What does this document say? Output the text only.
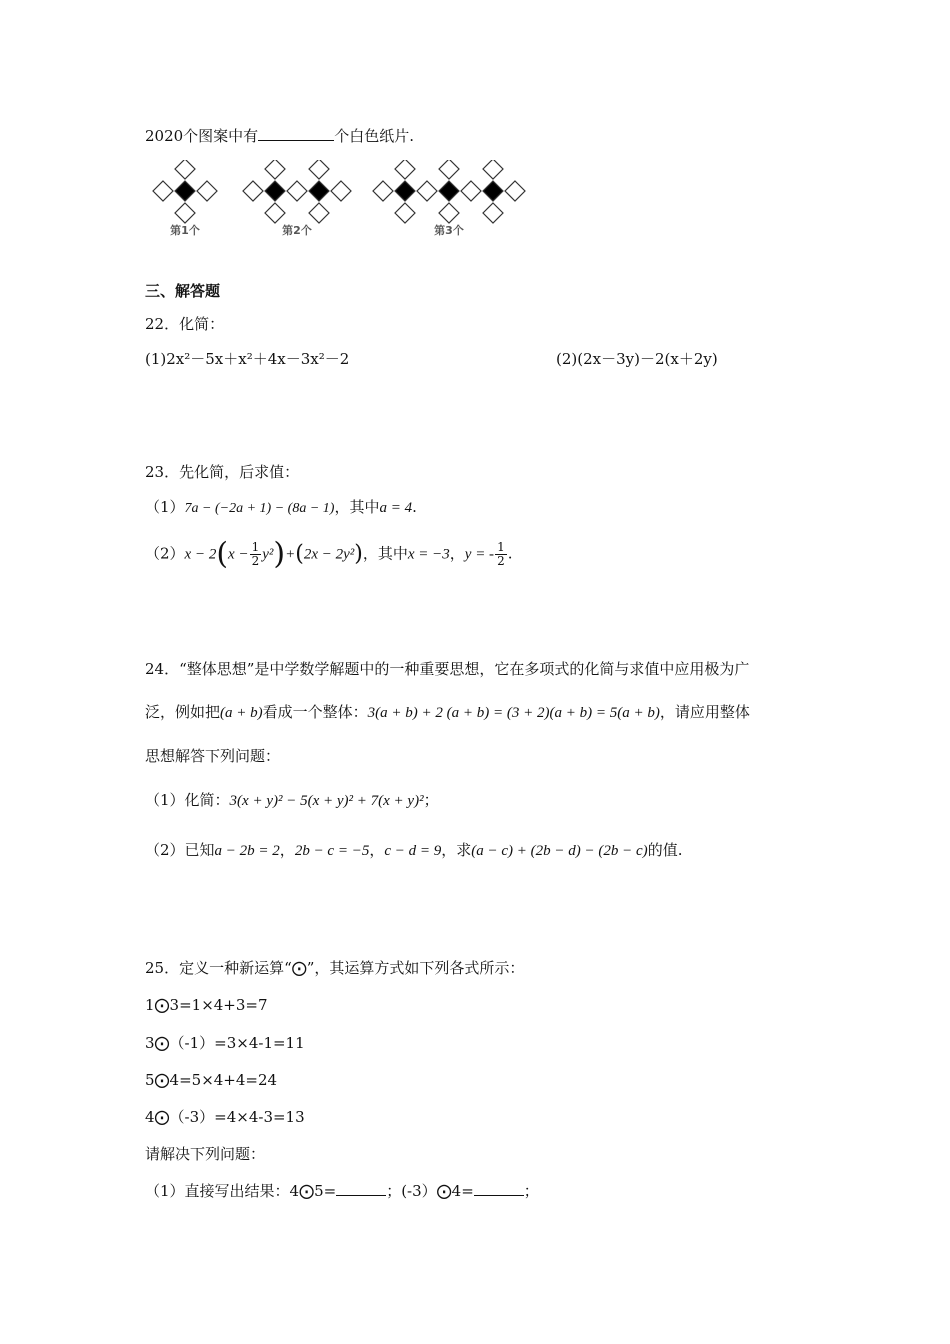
2020个图案中有	个白色纸片.
第1个	第2个	第3个
三、解答题
22．化简：
(1)2x²－5x＋x²＋4x－3x²－2	(2)(2x－3y)－2(x＋2y)
23．先化简，后求值：
（1）7a − (−2a + 1) − (8a − 1)，其中a = 4.
$(2)x - 2(x - \frac{1}{2} y^2)+(2x - 2y^2)$，其中x = −3，y = - $\frac{1}{2}$ .
24．“整体思想”是中学数学解题中的一种重要思想，它在多项式的化简与求值中应用极为广
泛，例如把(a + b)看成一个整体：3(a + b) + 2 (a + b) = (3 + 2)(a + b) = 5(a + b)，请应用整体
思想解答下列问题：
（1）化简：3(x + y)² − 5(x + y)² + 7(x + y)²；
（2）已知a − 2b = 2，2b − c = −5，c − d = 9，求(a − c) + (2b − d) − (2b − c)的值.
25．定义一种新运算“⨀”，其运算方式如下列各式所示：
1⨀3=1×4+3=7
3⨀（-1）=3×4-1=11
5⨀4=5×4+4=24
4⨀（-3）=4×4-3=13
请解决下列问题：
（1）直接写出结果：4⨀5=	；(-3）⨀4=	；
